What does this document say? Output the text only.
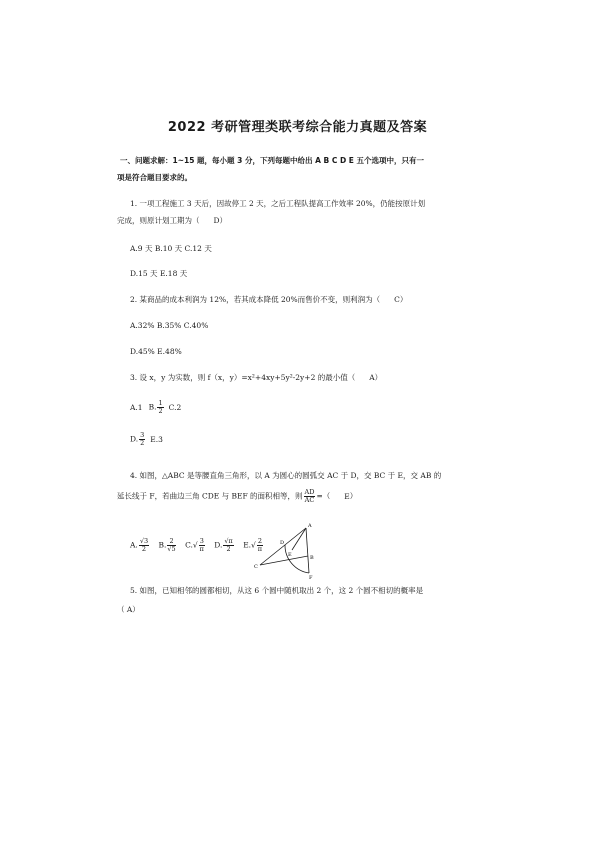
2022 考研管理类联考综合能力真题及答案
一、问题求解：1~15 题，每小题 3 分，下列每题中给出 A B C D E 五个选项中，只有一
项是符合题目要求的。
1. 一项工程施工 3 天后，因故停工 2 天，之后工程队提高工作效率 20%，仍能按原计划
完成，则原计划工期为（ D）
A.9 天 B.10 天 C.12 天
D.15 天 E.18 天
2. 某商品的成本利润为 12%，若其成本降低 20%而售价不变，则利润为（ C）
A.32% B.35% C.40%
D.45% E.48%
3. 设 x，y 为实数，则 f（x，y）=x²+4xy+5y²-2y+2 的最小值（ A）
A.1 B. $\frac{1}{2} C.2$
D. $\frac{3}{2} E.3$
4. 如图，△ABC 是等腰直角三角形，以 A 为圆心的圆弧交 AC 于 D，交 BC 于 E，交 AB 的
延长线于 F，若曲边三角 CDE 与 BEF 的面积相等，则 $\frac{AD}{AC}$ =（ E）
A. $\frac{√3}{2} B$. $\frac{2}{√5} C.√ \frac{3}{\pi} D$. $\frac{√\pi}{2} E.√ \frac{2}{\pi}$
A
B
C
D
E
F
5. 如图，已知相邻的圆都相切，从这 6 个圆中随机取出 2 个，这 2 个圆不相切的概率是
（ A）
